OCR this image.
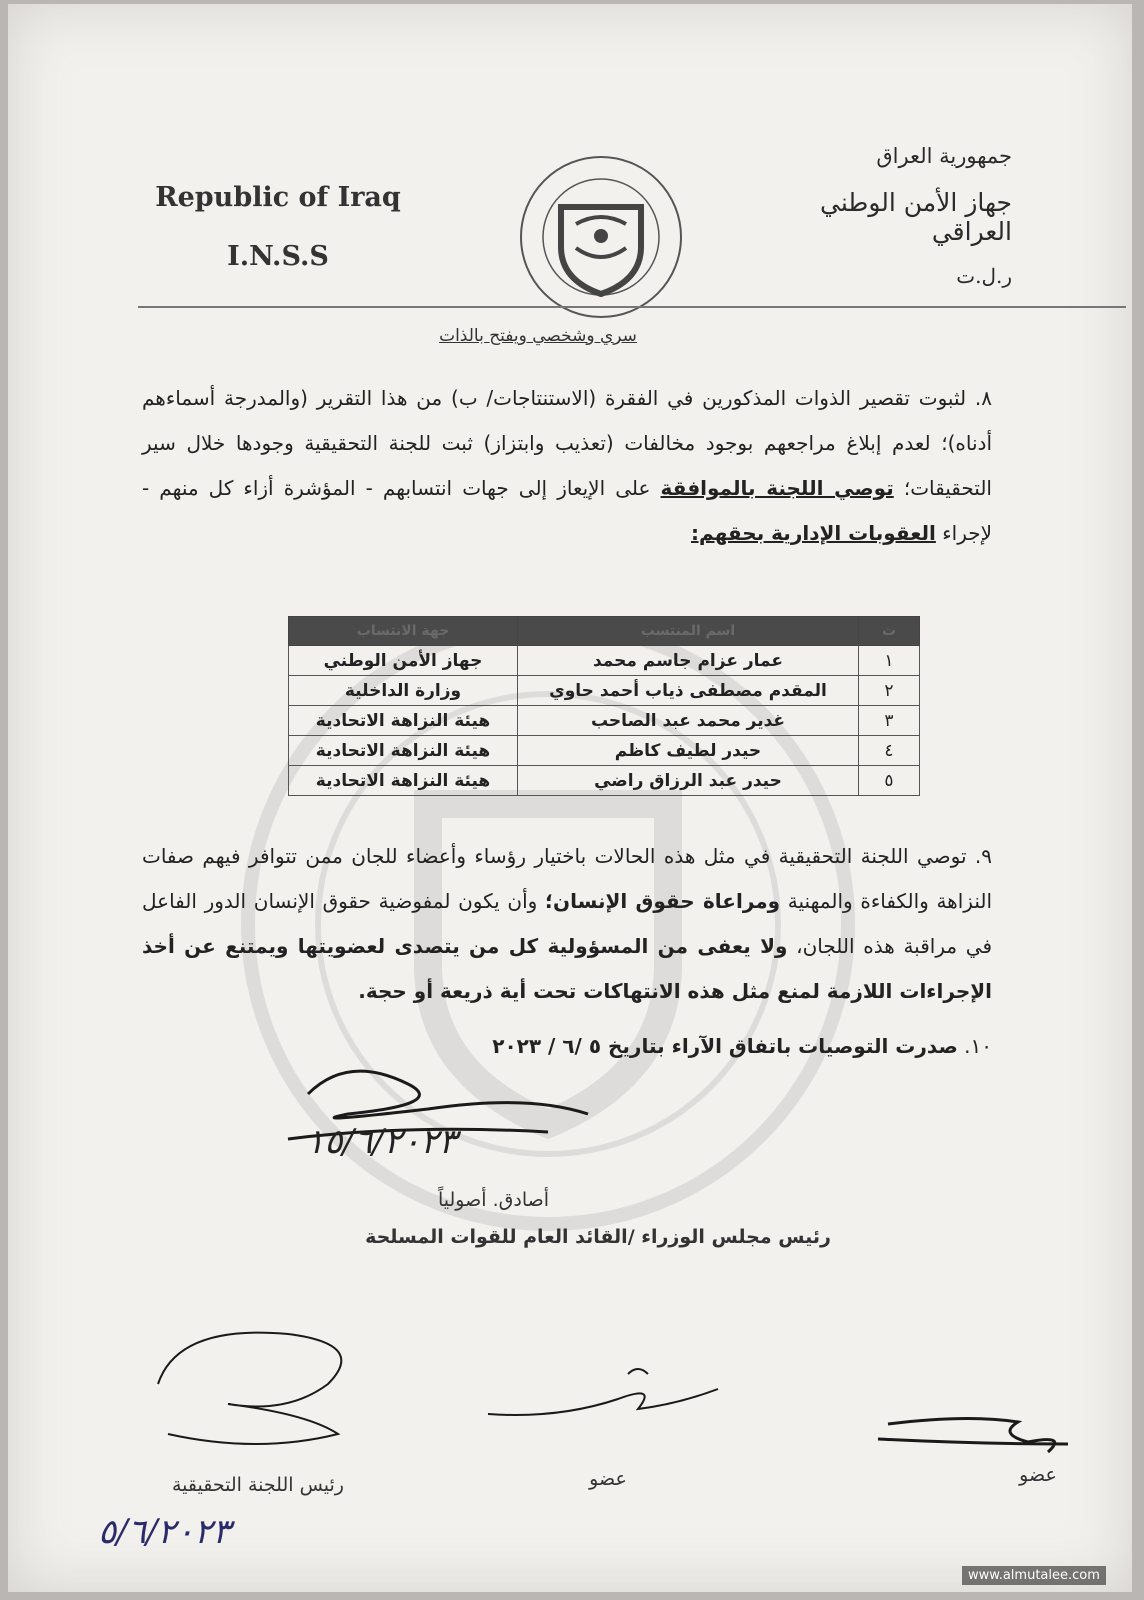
Republic of Iraq
I.N.S.S
جمهورية العراق
جهاز الأمن الوطني العراقي
ر.ل.ت
سري وشخصي ويفتح بالذات
٨. لثبوت تقصير الذوات المذكورين في الفقرة (الاستنتاجات/ ب) من هذا التقرير (والمدرجة أسماءهم أدناه)؛ لعدم إبلاغ مراجعهم بوجود مخالفات (تعذيب وابتزاز) ثبت للجنة التحقيقية وجودها خلال سير التحقيقات؛ توصي اللجنة بالموافقة على الإيعاز إلى جهات انتسابهم - المؤشرة أزاء كل منهم - لإجراء العقوبات الإدارية بحقهم:
ت	اسم المنتسب	جهة الانتساب
١	عمار عزام جاسم محمد	جهاز الأمن الوطني
٢	المقدم مصطفى ذياب أحمد حاوي	وزارة الداخلية
٣	غدير محمد عبد الصاحب	هيئة النزاهة الاتحادية
٤	حيدر لطيف كاظم	هيئة النزاهة الاتحادية
٥	حيدر عبد الرزاق راضي	هيئة النزاهة الاتحادية
٩. توصي اللجنة التحقيقية في مثل هذه الحالات باختيار رؤساء وأعضاء للجان ممن تتوافر فيهم صفات النزاهة والكفاءة والمهنية ومراعاة حقوق الإنسان؛ وأن يكون لمفوضية حقوق الإنسان الدور الفاعل في مراقبة هذه اللجان، ولا يعفى من المسؤولية كل من يتصدى لعضويتها ويمتنع عن أخذ الإجراءات اللازمة لمنع مثل هذه الانتهاكات تحت أية ذريعة أو حجة.
١٠. صدرت التوصيات باتفاق الآراء بتاريخ ٥ /٦ / ٢٠٢٣
١٥/٦/٢٠٢٣
أصادق. أصولياً
رئيس مجلس الوزراء /القائد العام للقوات المسلحة
رئيس اللجنة التحقيقية	عضو	عضو
٥/٦/٢٠٢٣
www.almutalee.com
